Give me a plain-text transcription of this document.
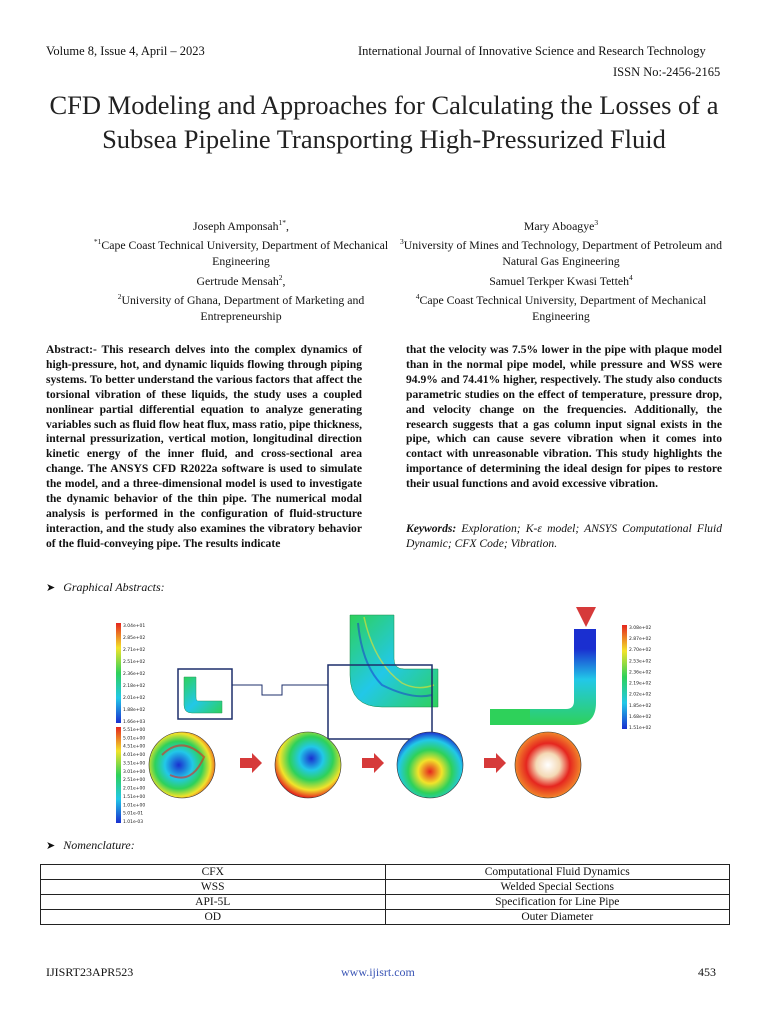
Volume 8, Issue 4, April – 2023	International Journal of Innovative Science and Research Technology
ISSN No:-2456-2165
CFD Modeling and Approaches for Calculating the Losses of a Subsea Pipeline Transporting High-Pressurized Fluid
Joseph Amponsah$^{1*}$,
$^{*1}$Cape Coast Technical University, Department of Mechanical Engineering
Mary Aboagye$^3$
$^3$University of Mines and Technology, Department of Petroleum and Natural Gas Engineering
Gertrude Mensah$^2$,
$^2$University of Ghana, Department of Marketing and Entrepreneurship
Samuel Terkper Kwasi Tetteh$^4$
$^4$Cape Coast Technical University, Department of Mechanical Engineering
Abstract:- This research delves into the complex dynamics of high-pressure, hot, and dynamic liquids flowing through piping systems. To better understand the various factors that affect the torsional vibration of these liquids, the study uses a coupled nonlinear partial differential equation to analyze generating variables such as fluid flow heat flux, mass ratio, pipe thickness, internal pressurization, vertical motion, longitudinal direction kinetic energy of the inner fluid, and cross-sectional area change. The ANSYS CFD R2022a software is used to simulate the model, and a three-dimensional model is used to investigate the dynamic behavior of the thin pipe. The numerical modal analysis is performed in the configuration of fluid-structure interaction, and the study also examines the vibratory behavior of the fluid-conveying pipe. The results indicate
that the velocity was 7.5% lower in the pipe with plaque model than in the normal pipe model, while pressure and WSS were 94.9% and 74.41% higher, respectively. The study also conducts parametric studies on the effect of temperature, pressure drop, and velocity change on the frequencies. Additionally, the research suggests that a gas column input signal exists in the pipe, which can cause severe vibration when it comes into contact with unreasonable vibration. This study highlights the importance of determining the ideal design for pipes to restore their usual functions and avoid excessive vibration.
Keywords: Exploration; K-ε model; ANSYS Computational Fluid Dynamic; CFX Code; Vibration.
➤ Graphical Abstracts:
3.04e+01
2.85e+02
2.71e+02
2.51e+02
2.36e+02
2.18e+02
2.01e+02
1.88e+02
1.66e+03
3.08e+02
2.87e+02
2.70e+02
2.53e+02
2.36e+02
2.19e+02
2.02e+02
1.85e+02
1.68e+02
1.51e+02
5.51e+00
5.01e+00
4.51e+00
4.01e+00
3.51e+00
3.01e+00
2.51e+00
2.01e+00
1.51e+00
1.01e+00
5.01e-01
1.01e-03
➤ Nomenclature:
CFX	Computational Fluid Dynamics
WSS	Welded Special Sections
API-5L	Specification for Line Pipe
OD	Outer Diameter
IJISRT23APR523	www.ijisrt.com	453
